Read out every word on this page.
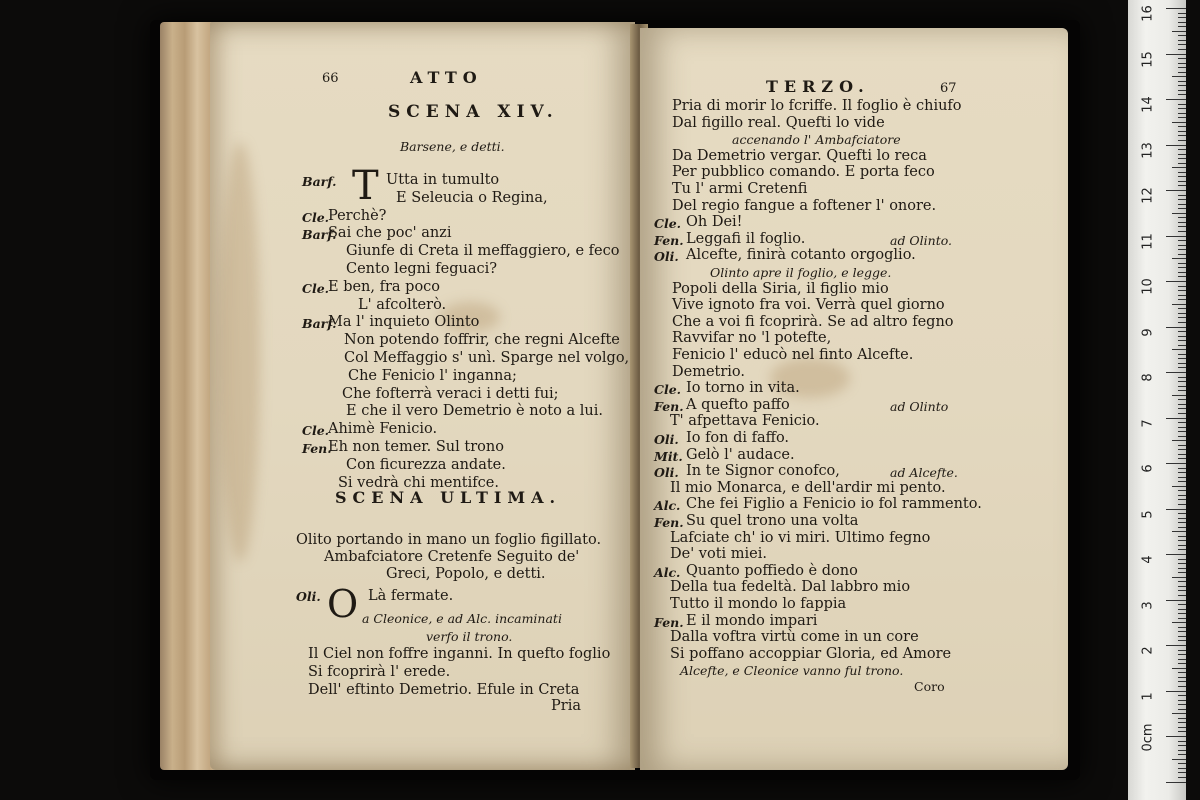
66	ATTO
SCENA XIV.
Barsene, e detti.
T
Barf.	Utta in tumulto
E Seleucia o Regina,
Cle.
Perchè?
Barf.
Sai che poc' anzi
Giunfe di Creta il meffaggiero, e feco
Cento legni feguaci?
Cle.
E ben, fra poco
L' afcolterò.
Barf.
Ma l' inquieto Olinto
Non potendo foffrir, che regni Alcefte
Col Meffaggio s' unì. Sparge nel volgo,
Che Fenicio l' inganna;
Che fofterrà veraci i detti fui;
E che il vero Demetrio è noto a lui.
Cle.
Ahimè Fenicio.
Fen.
Eh non temer. Sul trono
Con ficurezza andate.
Si vedrà chi mentifce.
SCENA ULTIMA.
Olito portando in mano un foglio figillato.
Ambafciatore Cretenfe Seguito de'
Greci, Popolo, e detti.
O
Oli.	Là fermate.
a Cleonice, e ad Alc. incaminati
verfo il trono.
Il Ciel non foffre inganni. In quefto foglio
Si fcoprirà l' erede.
Dell' eftinto Demetrio. Efule in Creta
Pria
TERZO.	67
Pria di morir lo fcriffe. Il foglio è chiufo
Dal figillo real. Quefti lo vide
accenando l' Ambafciatore
Da Demetrio vergar. Quefti lo reca
Per pubblico comando. E porta feco
Tu l' armi Cretenfi
Del regio fangue a foftener l' onore.
Cle. Oh Dei!
Fen. Leggafi il foglio.	ad Olinto.
Oli. Alcefte, finirà cotanto orgoglio.
Olinto apre il foglio, e legge.
Popoli della Siria, il figlio mio
Vive ignoto fra voi. Verrà quel giorno
Che a voi fi fcoprirà. Se ad altro fegno
Ravvifar no 'l potefte,
Fenicio l' educò nel finto Alcefte.
Demetrio.
Cle. Io torno in vita.
Fen. A quefto paffo	ad Olinto
T' afpettava Fenicio.
Oli. Io fon di faffo.
Mit. Gelò l' audace.
Oli. In te Signor conofco,	ad Alcefte.
Il mio Monarca, e dell'ardir mi pento.
Alc. Che fei Figlio a Fenicio io fol rammento.
Fen. Su quel trono una volta
Lafciate ch' io vi miri. Ultimo fegno
De' voti miei.
Alc. Quanto poffiedo è dono
Della tua fedeltà. Dal labbro mio
Tutto il mondo lo fappia
Fen. E il mondo impari
Dalla voftra virtù come in un core
Si poffano accoppiar Gloria, ed Amore
Alcefte, e Cleonice vanno ful trono.
Coro
16
15
14
13
12
11
10
9
8
7
6
5
4
3
2
1
0cm
